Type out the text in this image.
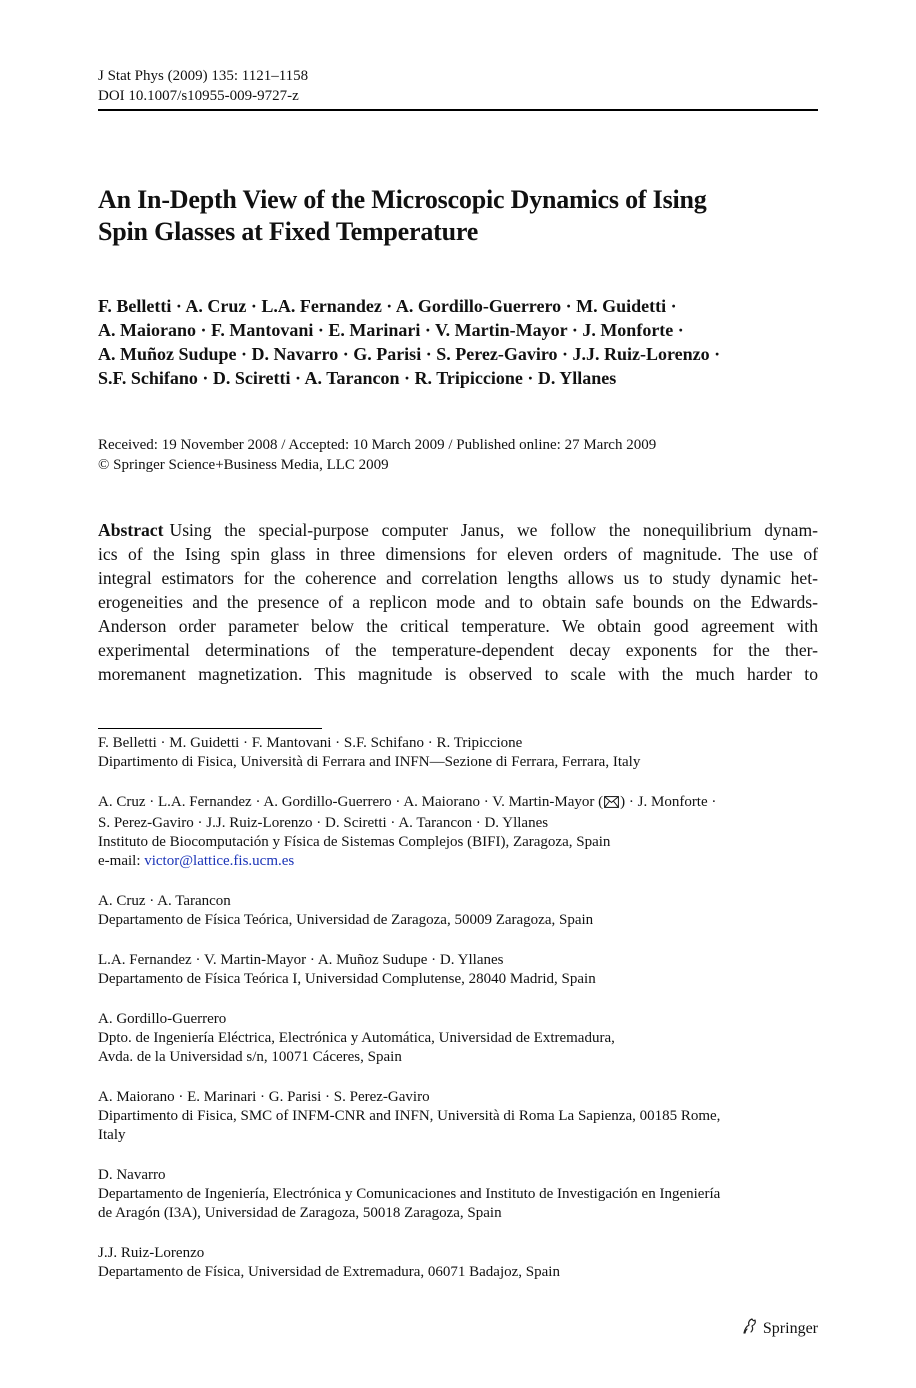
J Stat Phys (2009) 135: 1121–1158
DOI 10.1007/s10955-009-9727-z
An In-Depth View of the Microscopic Dynamics of Ising
Spin Glasses at Fixed Temperature
F. Belletti · A. Cruz · L.A. Fernandez · A. Gordillo-Guerrero · M. Guidetti ·
A. Maiorano · F. Mantovani · E. Marinari · V. Martin-Mayor · J. Monforte ·
A. Muñoz Sudupe · D. Navarro · G. Parisi · S. Perez-Gaviro · J.J. Ruiz-Lorenzo ·
S.F. Schifano · D. Sciretti · A. Tarancon · R. Tripiccione · D. Yllanes
Received: 19 November 2008 / Accepted: 10 March 2009 / Published online: 27 March 2009
© Springer Science+Business Media, LLC 2009
Abstract Using the special-purpose computer Janus, we follow the nonequilibrium dynam-
ics of the Ising spin glass in three dimensions for eleven orders of magnitude. The use of
integral estimators for the coherence and correlation lengths allows us to study dynamic het-
erogeneities and the presence of a replicon mode and to obtain safe bounds on the Edwards-
Anderson order parameter below the critical temperature. We obtain good agreement with
experimental determinations of the temperature-dependent decay exponents for the ther-
moremanent magnetization. This magnitude is observed to scale with the much harder to
F. Belletti · M. Guidetti · F. Mantovani · S.F. Schifano · R. Tripiccione
Dipartimento di Fisica, Università di Ferrara and INFN—Sezione di Ferrara, Ferrara, Italy
A. Cruz · L.A. Fernandez · A. Gordillo-Guerrero · A. Maiorano · V. Martin-Mayor ( ) · J. Monforte ·
S. Perez-Gaviro · J.J. Ruiz-Lorenzo · D. Sciretti · A. Tarancon · D. Yllanes
Instituto de Biocomputación y Física de Sistemas Complejos (BIFI), Zaragoza, Spain
e-mail: victor@lattice.fis.ucm.es
A. Cruz · A. Tarancon
Departamento de Física Teórica, Universidad de Zaragoza, 50009 Zaragoza, Spain
L.A. Fernandez · V. Martin-Mayor · A. Muñoz Sudupe · D. Yllanes
Departamento de Física Teórica I, Universidad Complutense, 28040 Madrid, Spain
A. Gordillo-Guerrero
Dpto. de Ingeniería Eléctrica, Electrónica y Automática, Universidad de Extremadura,
Avda. de la Universidad s/n, 10071 Cáceres, Spain
A. Maiorano · E. Marinari · G. Parisi · S. Perez-Gaviro
Dipartimento di Fisica, SMC of INFM-CNR and INFN, Università di Roma La Sapienza, 00185 Rome,
Italy
D. Navarro
Departamento de Ingeniería, Electrónica y Comunicaciones and Instituto de Investigación en Ingeniería
de Aragón (I3A), Universidad de Zaragoza, 50018 Zaragoza, Spain
J.J. Ruiz-Lorenzo
Departamento de Física, Universidad de Extremadura, 06071 Badajoz, Spain
Springer
